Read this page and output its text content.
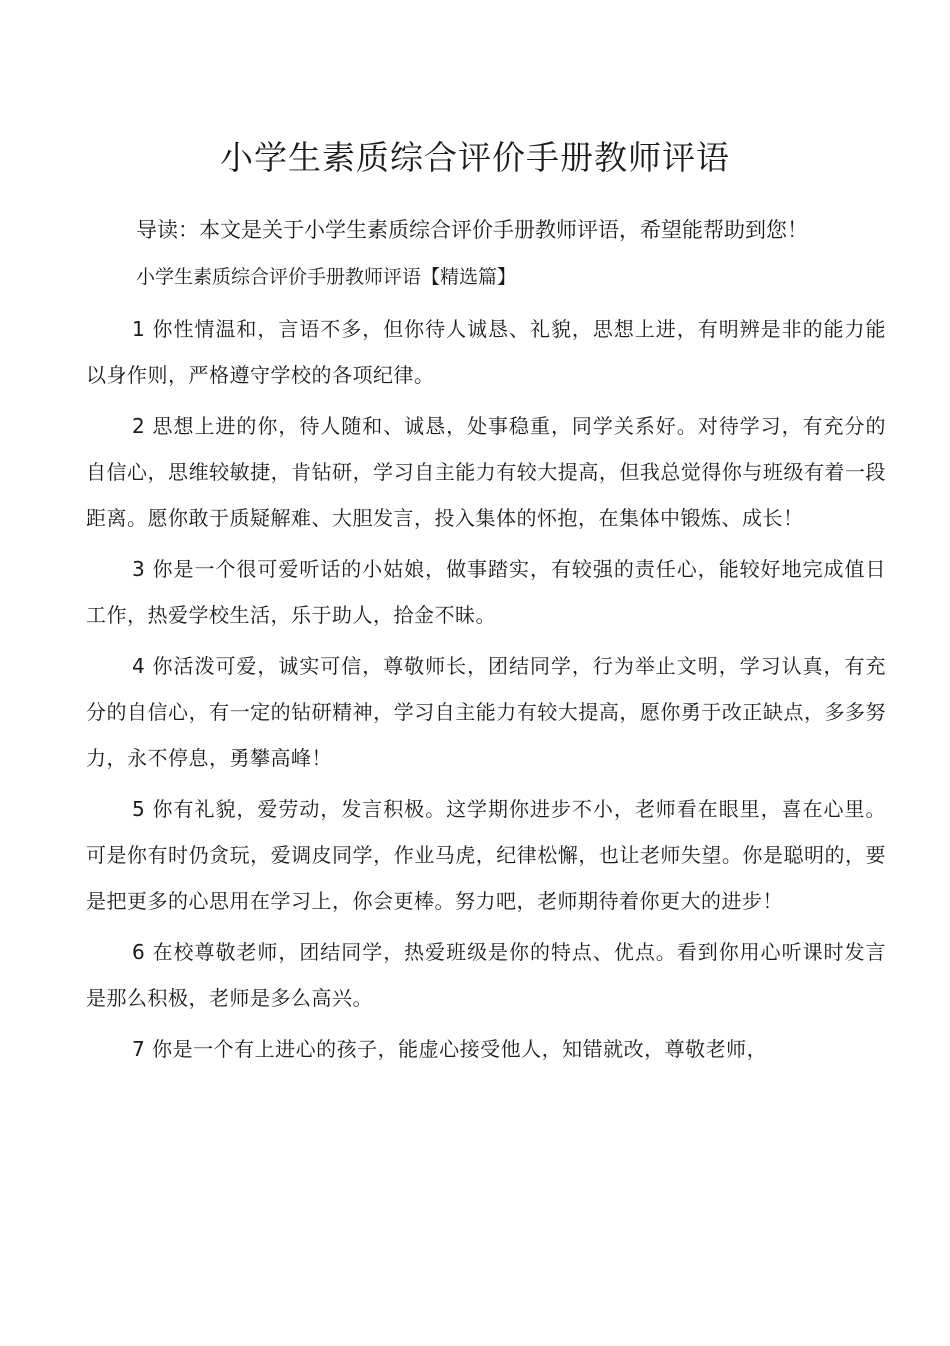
小学生素质综合评价手册教师评语
导读：本文是关于小学生素质综合评价手册教师评语，希望能帮助到您！
小学生素质综合评价手册教师评语【精选篇】

1 你性情温和，言语不多，但你待人诚恳、礼貌，思想上进，有明辨是非的能力能以身作则，严格遵守学校的各项纪律。

2 思想上进的你，待人随和、诚恳，处事稳重，同学关系好。对待学习，有充分的自信心，思维较敏捷，肯钻研，学习自主能力有较大提高，但我总觉得你与班级有着一段距离。愿你敢于质疑解难、大胆发言，投入集体的怀抱，在集体中锻炼、成长！

3 你是一个很可爱听话的小姑娘，做事踏实，有较强的责任心，能较好地完成值日工作，热爱学校生活，乐于助人，拾金不昧。

4 你活泼可爱，诚实可信，尊敬师长，团结同学，行为举止文明，学习认真，有充分的自信心，有一定的钻研精神，学习自主能力有较大提高，愿你勇于改正缺点，多多努力，永不停息，勇攀高峰！

5 你有礼貌，爱劳动，发言积极。这学期你进步不小，老师看在眼里，喜在心里。可是你有时仍贪玩，爱调皮同学，作业马虎，纪律松懈，也让老师失望。你是聪明的，要是把更多的心思用在学习上，你会更棒。努力吧，老师期待着你更大的进步！

6 在校尊敬老师，团结同学，热爱班级是你的特点、优点。看到你用心听课时发言是那么积极，老师是多么高兴。

7 你是一个有上进心的孩子，能虚心接受他人，知错就改，尊敬老师，
